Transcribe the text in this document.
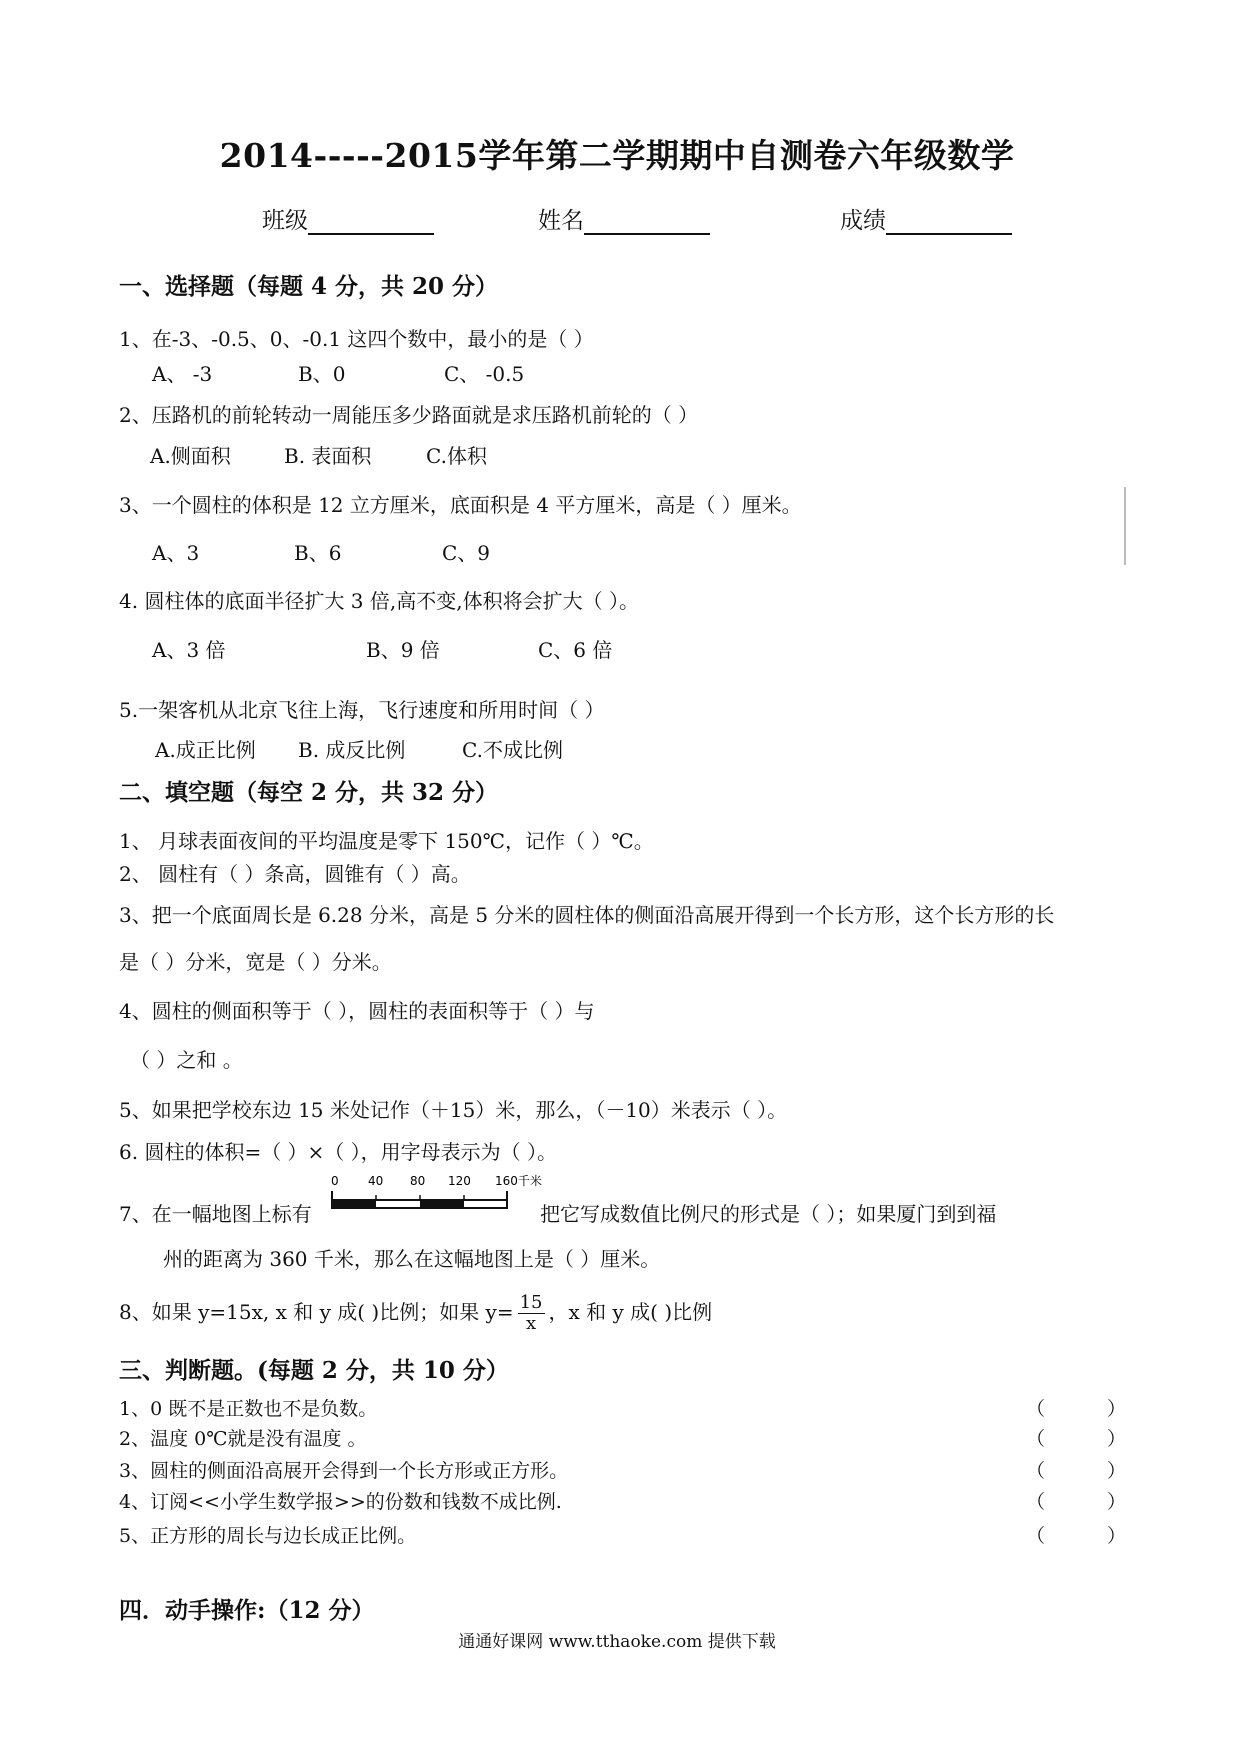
2014-----2015学年第二学期期中自测卷六年级数学
班级	姓名	成绩
一、选择题（每题 4 分，共 20 分）
1、在-3、-0.5、0、-0.1 这四个数中，最小的是（ ）
A、 -3	B、0	C、 -0.5
2、压路机的前轮转动一周能压多少路面就是求压路机前轮的（ ）
A.侧面积	B. 表面积	C.体积
3、一个圆柱的体积是 12 立方厘米，底面积是 4 平方厘米，高是（ ）厘米。
A、3	B、6	C、9
4. 圆柱体的底面半径扩大 3 倍,高不变,体积将会扩大（ ）。
A、3 倍	B、9 倍	C、6 倍
5.一架客机从北京飞往上海，飞行速度和所用时间（ ）
A.成正比例 B. 成反比例	C.不成比例
二、填空题（每空 2 分，共 32 分）
1、 月球表面夜间的平均温度是零下 150℃，记作（ ）℃。
2、 圆柱有（ ）条高，圆锥有（ ）高。
3、把一个底面周长是 6.28 分米，高是 5 分米的圆柱体的侧面沿高展开得到一个长方形，这个长方形的长
是（ ）分米，宽是（ ）分米。
4、圆柱的侧面积等于（ ），圆柱的表面积等于（ ）与
（ ）之和 。
5、如果把学校东边 15 米处记作（＋15）米，那么，（－10）米表示（ ）。
6. 圆柱的体积=（ ）×（ ），用字母表示为（ ）。
7、在一幅地图上标有
0 40 80 120 160千米
把它写成数值比例尺的形式是（ ）；如果厦门到到福
州的距离为 360 千米，那么在这幅地图上是（ ）厘米。
8、如果 y=15x, x 和 y 成( )比例；如果 $y= \frac{15}{x}$ ，x 和 y 成( )比例
三、判断题。(每题 2 分，共 10 分）
1、0 既不是正数也不是负数。	（	）
2、温度 0℃就是没有温度 。	（	）
3、圆柱的侧面沿高展开会得到一个长方形或正方形。	（	）
4、订阅<<小学生数学报>>的份数和钱数不成比例.	（	）
5、正方形的周长与边长成正比例。	（	）
四．动手操作:（12 分）
通通好课网 www.tthaoke.com 提供下载
